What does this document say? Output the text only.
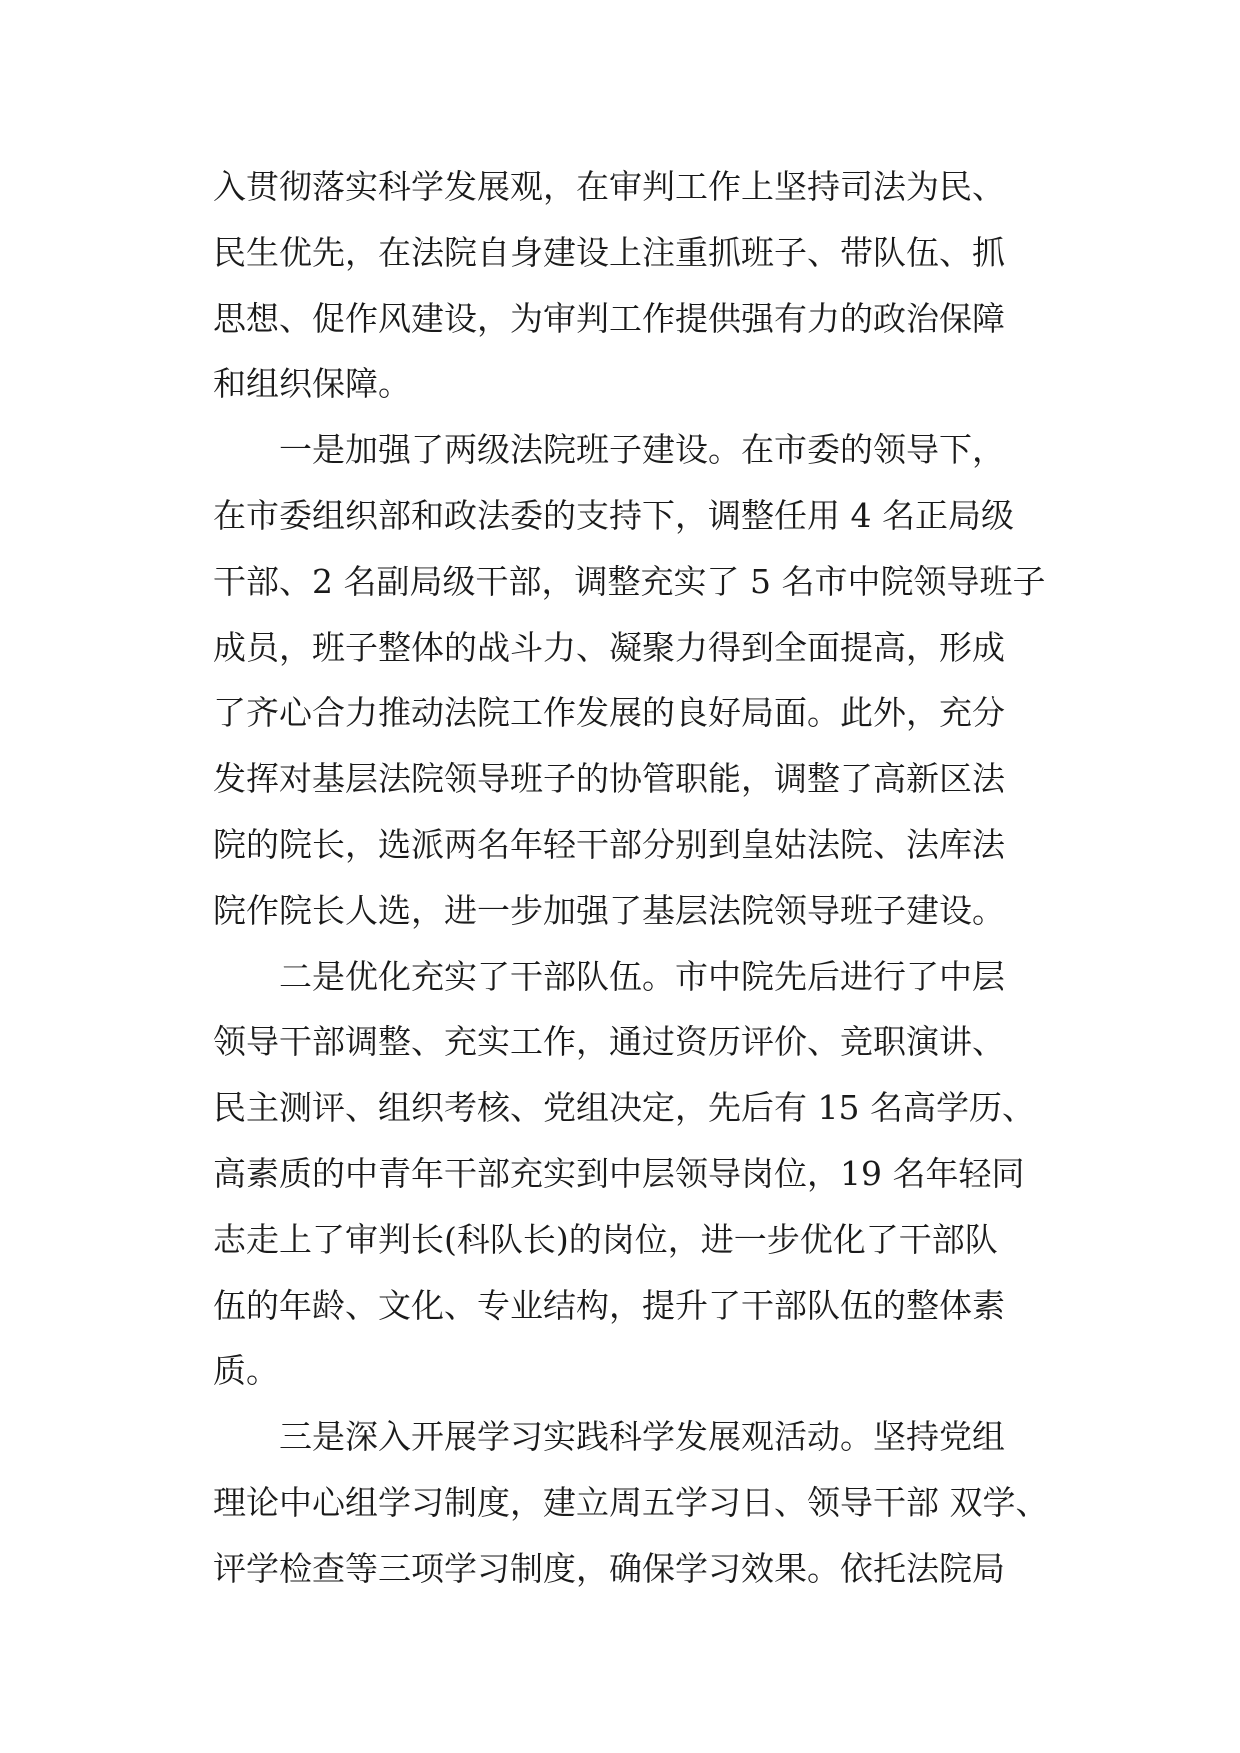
入贯彻落实科学发展观，在审判工作上坚持司法为民、
民生优先，在法院自身建设上注重抓班子、带队伍、抓
思想、促作风建设，为审判工作提供强有力的政治保障
和组织保障。

一是加强了两级法院班子建设。在市委的领导下，
在市委组织部和政法委的支持下，调整任用 4 名正局级
干部、2 名副局级干部，调整充实了 5 名市中院领导班子
成员，班子整体的战斗力、凝聚力得到全面提高，形成
了齐心合力推动法院工作发展的良好局面。此外，充分
发挥对基层法院领导班子的协管职能，调整了高新区法
院的院长，选派两名年轻干部分别到皇姑法院、法库法
院作院长人选，进一步加强了基层法院领导班子建设。

二是优化充实了干部队伍。市中院先后进行了中层
领导干部调整、充实工作，通过资历评价、竞职演讲、
民主测评、组织考核、党组决定，先后有 15 名高学历、
高素质的中青年干部充实到中层领导岗位，19 名年轻同
志走上了审判长(科队长)的岗位，进一步优化了干部队
伍的年龄、文化、专业结构，提升了干部队伍的整体素
质。

三是深入开展学习实践科学发展观活动。坚持党组
理论中心组学习制度，建立周五学习日、领导干部 双学、
评学检查等三项学习制度，确保学习效果。依托法院局
